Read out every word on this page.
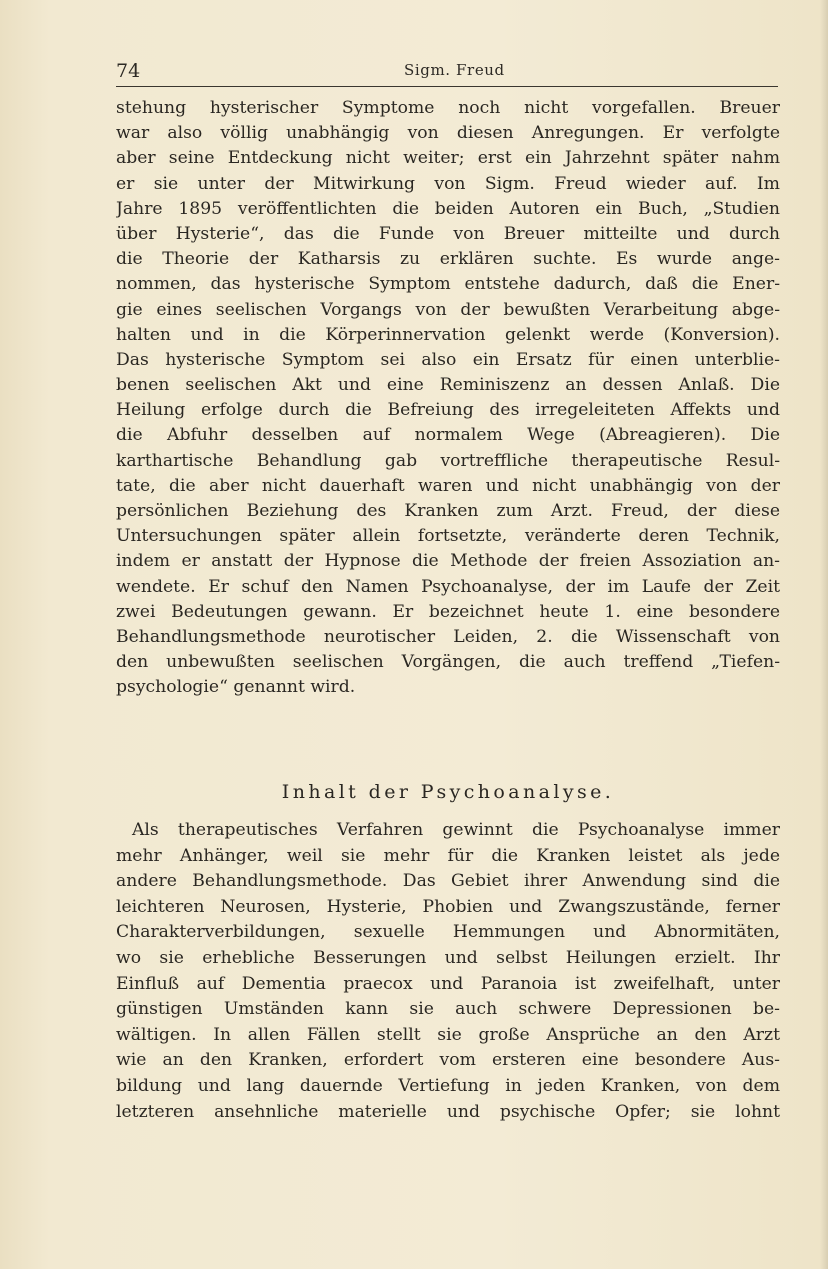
74	Sigm. Freud
stehung hysterischer Symptome noch nicht vorgefallen. Breuer
war also völlig unabhängig von diesen Anregungen. Er verfolgte
aber seine Entdeckung nicht weiter; erst ein Jahrzehnt später nahm
er sie unter der Mitwirkung von Sigm. Freud wieder auf. Im
Jahre 1895 veröffentlichten die beiden Autoren ein Buch, „Studien
über Hysterie“, das die Funde von Breuer mitteilte und durch
die Theorie der Katharsis zu erklären suchte. Es wurde ange-
nommen, das hysterische Symptom entstehe dadurch, daß die Ener-
gie eines seelischen Vorgangs von der bewußten Verarbeitung abge-
halten und in die Körperinnervation gelenkt werde (Konversion).
Das hysterische Symptom sei also ein Ersatz für einen unterblie-
benen seelischen Akt und eine Reminiszenz an dessen Anlaß. Die
Heilung erfolge durch die Befreiung des irregeleiteten Affekts und
die Abfuhr desselben auf normalem Wege (Abreagieren). Die
karthartische Behandlung gab vortreffliche therapeutische Resul-
tate, die aber nicht dauerhaft waren und nicht unabhängig von der
persönlichen Beziehung des Kranken zum Arzt. Freud, der diese
Untersuchungen später allein fortsetzte, veränderte deren Technik,
indem er anstatt der Hypnose die Methode der freien Assoziation an-
wendete. Er schuf den Namen Psychoanalyse, der im Laufe der Zeit
zwei Bedeutungen gewann. Er bezeichnet heute 1. eine besondere
Behandlungsmethode neurotischer Leiden, 2. die Wissenschaft von
den unbewußten seelischen Vorgängen, die auch treffend „Tiefen-
psychologie“ genannt wird.
Inhalt der Psychoanalyse.
Als therapeutisches Verfahren gewinnt die Psychoanalyse immer
mehr Anhänger, weil sie mehr für die Kranken leistet als jede
andere Behandlungsmethode. Das Gebiet ihrer Anwendung sind die
leichteren Neurosen, Hysterie, Phobien und Zwangszustände, ferner
Charakterverbildungen, sexuelle Hemmungen und Abnormitäten,
wo sie erhebliche Besserungen und selbst Heilungen erzielt. Ihr
Einfluß auf Dementia praecox und Paranoia ist zweifelhaft, unter
günstigen Umständen kann sie auch schwere Depressionen be-
wältigen. In allen Fällen stellt sie große Ansprüche an den Arzt
wie an den Kranken, erfordert vom ersteren eine besondere Aus-
bildung und lang dauernde Vertiefung in jeden Kranken, von dem
letzteren ansehnliche materielle und psychische Opfer; sie lohnt
